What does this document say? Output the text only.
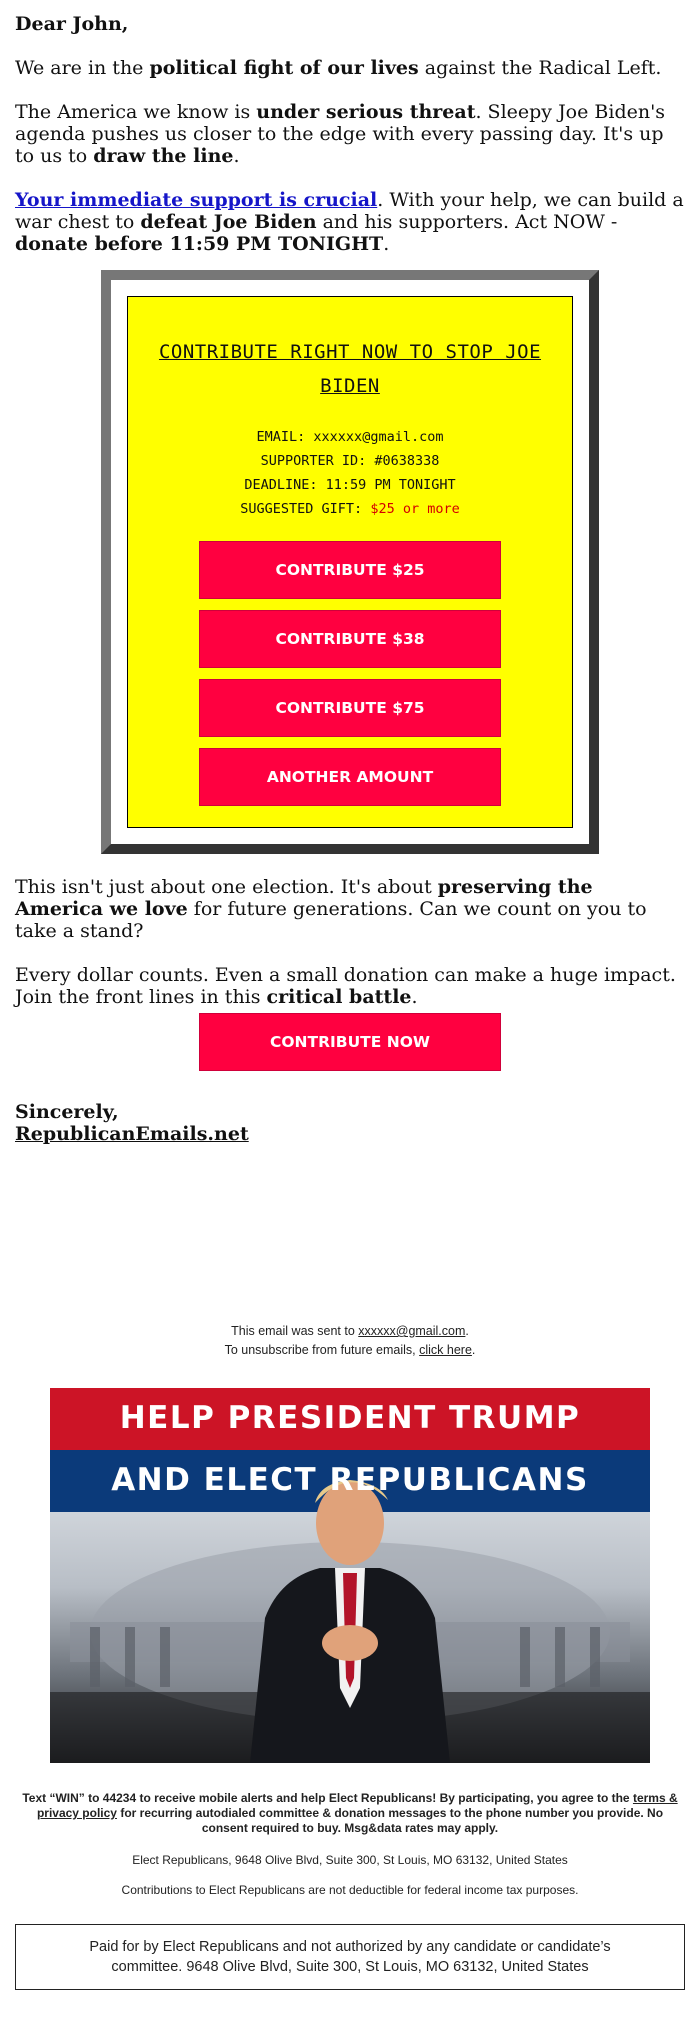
Dear John,

We are in the political fight of our lives against the Radical Left.

The America we know is under serious threat. Sleepy Joe Biden's agenda pushes us closer to the edge with every passing day. It's up to us to draw the line.

Your immediate support is crucial. With your help, we can build a war chest to defeat Joe Biden and his supporters. Act NOW - donate before 11:59 PM TONIGHT.

CONTRIBUTE RIGHT NOW TO STOP JOE BIDEN
EMAIL: xxxxxx@gmail.com
SUPPORTER ID: #0638338
DEADLINE: 11:59 PM TONIGHT
SUGGESTED GIFT: $25 or more
CONTRIBUTE $25
CONTRIBUTE $38
CONTRIBUTE $75
ANOTHER AMOUNT

This isn't just about one election. It's about preserving the America we love for future generations. Can we count on you to take a stand?

Every dollar counts. Even a small donation can make a huge impact. Join the front lines in this critical battle.

CONTRIBUTE NOW
Sincerely,
RepublicanEmails.net
This email was sent to xxxxxx@gmail.com.
To unsubscribe from future emails, click here.
HELP PRESIDENT TRUMP
AND ELECT REPUBLICANS
Text “WIN” to 44234 to receive mobile alerts and help Elect Republicans! By participating, you agree to the terms & privacy policy for recurring autodialed committee & donation messages to the phone number you provide. No consent required to buy. Msg&data rates may apply.
Elect Republicans, 9648 Olive Blvd, Suite 300, St Louis, MO 63132, United States
Contributions to Elect Republicans are not deductible for federal income tax purposes.
Paid for by Elect Republicans and not authorized by any candidate or candidate’s committee. 9648 Olive Blvd, Suite 300, St Louis, MO 63132, United States
